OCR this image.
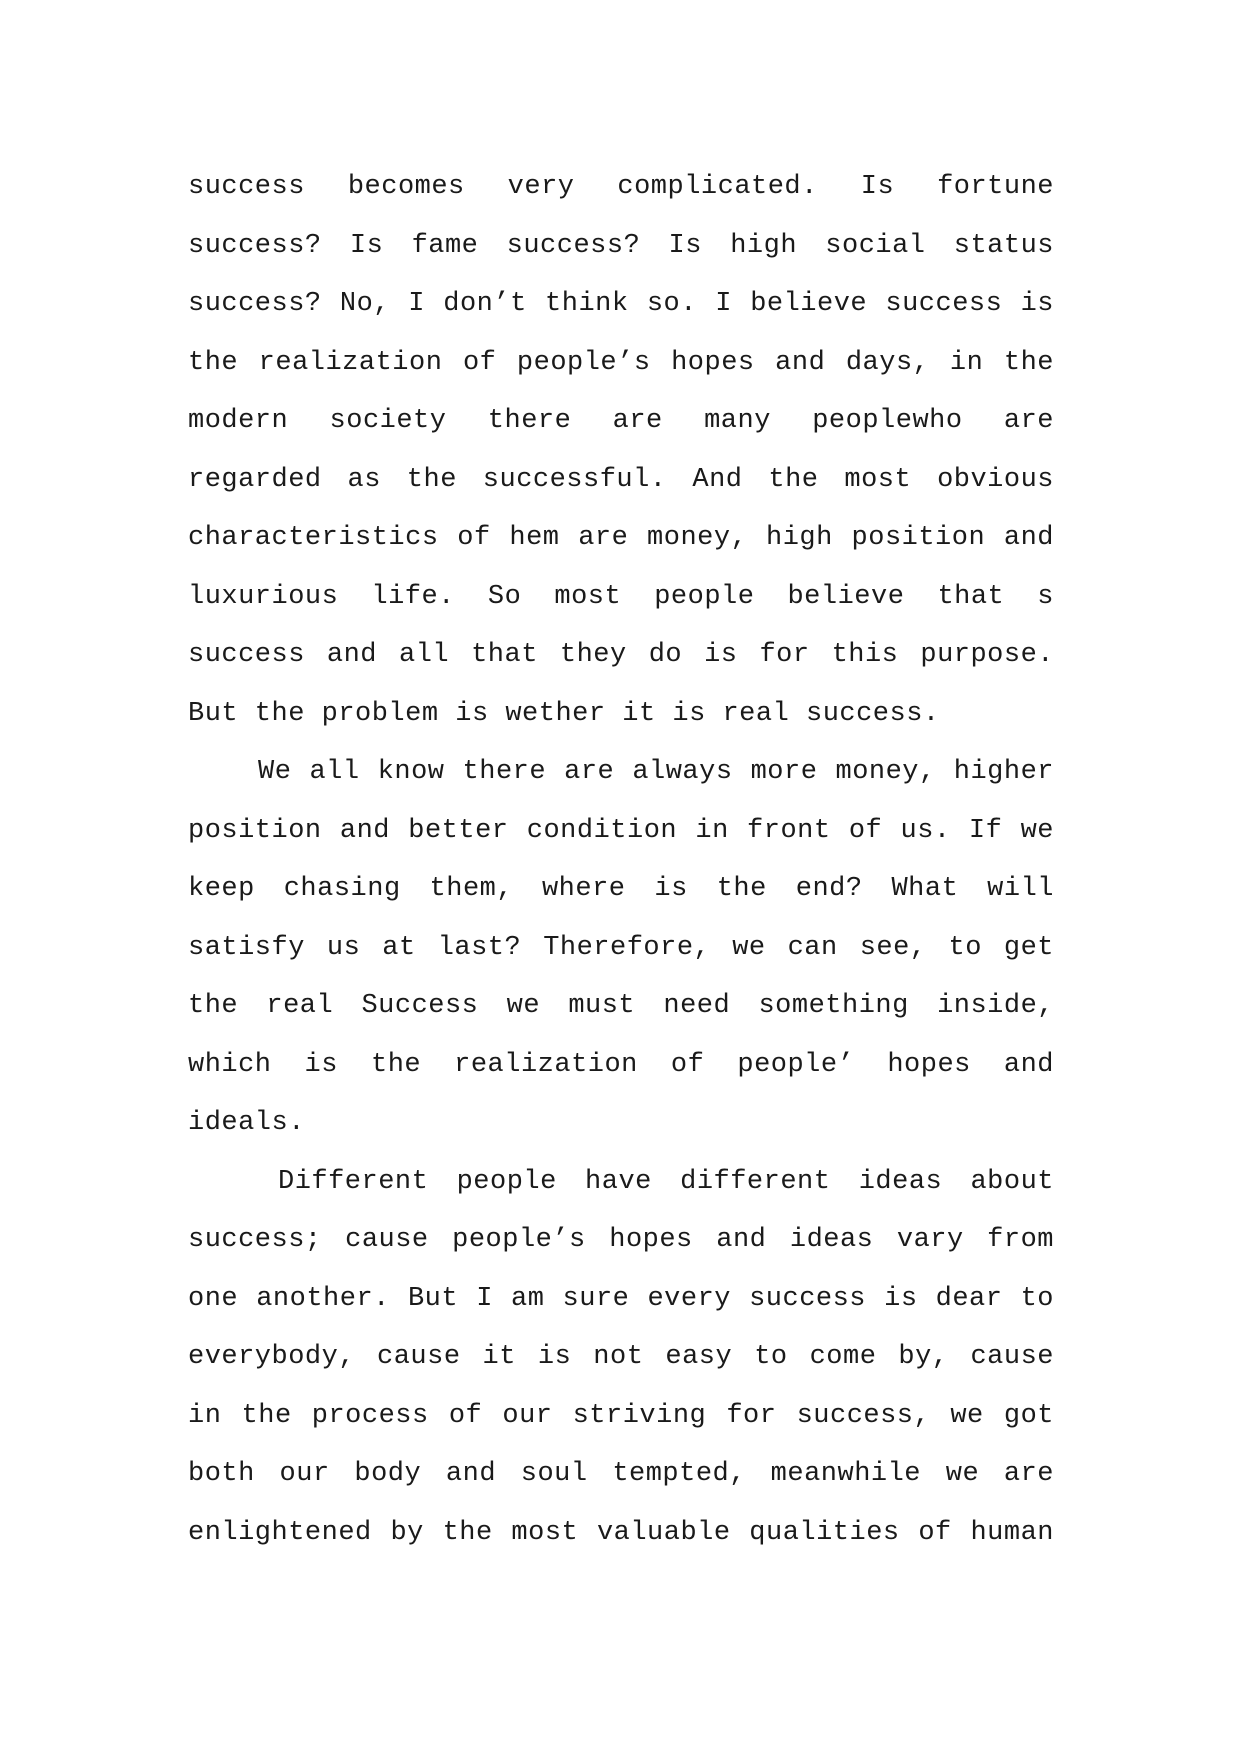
success becomes very complicated. Is fortune
success? Is fame success? Is high social status
success? No, I don’t think so. I believe success is
the realization of people’s hopes and days, in the
modern society there are many peoplewho are
regarded as the successful. And the most obvious
characteristics of hem are money, high position and
luxurious life. So most people believe that s
success and all that they do is for this purpose.
But the problem is wether it is real success.
We all know there are always more money, higher
position and better condition in front of us. If we
keep chasing them, where is the end? What will
satisfy us at last? Therefore, we can see, to get
the real Success we must need something inside,
which is the realization of people’ hopes and
ideals.
Different people have different ideas about
success; cause people’s hopes and ideas vary from
one another. But I am sure every success is dear to
everybody, cause it is not easy to come by, cause
in the process of our striving for success, we got
both our body and soul tempted, meanwhile we are
enlightened by the most valuable qualities of human
